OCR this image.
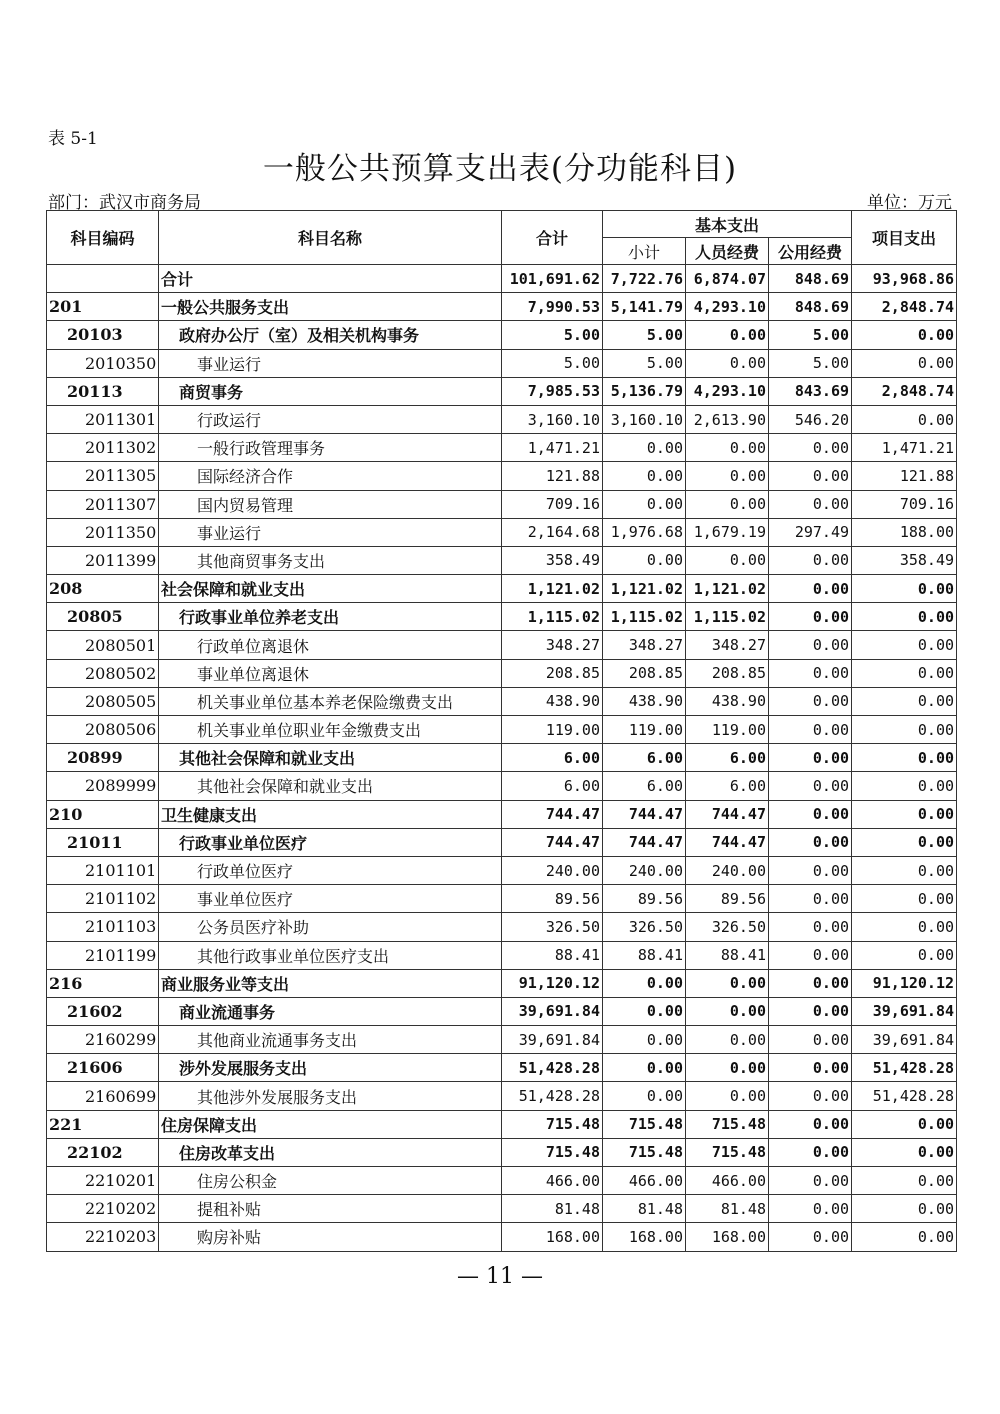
表 5-1
一般公共预算支出表(分功能科目)
部门：武汉市商务局	单位：万元
科目编码	科目名称	合计	基本支出			项目支出
			小计	人员经费	公用经费	
	合计	101,691.62	7,722.76	6,874.07	848.69	93,968.86
201	一般公共服务支出	7,990.53	5,141.79	4,293.10	848.69	2,848.74
20103	政府办公厅（室）及相关机构事务	5.00	5.00	0.00	5.00	0.00
2010350	事业运行	5.00	5.00	0.00	5.00	0.00
20113	商贸事务	7,985.53	5,136.79	4,293.10	843.69	2,848.74
2011301	行政运行	3,160.10	3,160.10	2,613.90	546.20	0.00
2011302	一般行政管理事务	1,471.21	0.00	0.00	0.00	1,471.21
2011305	国际经济合作	121.88	0.00	0.00	0.00	121.88
2011307	国内贸易管理	709.16	0.00	0.00	0.00	709.16
2011350	事业运行	2,164.68	1,976.68	1,679.19	297.49	188.00
2011399	其他商贸事务支出	358.49	0.00	0.00	0.00	358.49
208	社会保障和就业支出	1,121.02	1,121.02	1,121.02	0.00	0.00
20805	行政事业单位养老支出	1,115.02	1,115.02	1,115.02	0.00	0.00
2080501	行政单位离退休	348.27	348.27	348.27	0.00	0.00
2080502	事业单位离退休	208.85	208.85	208.85	0.00	0.00
2080505	机关事业单位基本养老保险缴费支出	438.90	438.90	438.90	0.00	0.00
2080506	机关事业单位职业年金缴费支出	119.00	119.00	119.00	0.00	0.00
20899	其他社会保障和就业支出	6.00	6.00	6.00	0.00	0.00
2089999	其他社会保障和就业支出	6.00	6.00	6.00	0.00	0.00
210	卫生健康支出	744.47	744.47	744.47	0.00	0.00
21011	行政事业单位医疗	744.47	744.47	744.47	0.00	0.00
2101101	行政单位医疗	240.00	240.00	240.00	0.00	0.00
2101102	事业单位医疗	89.56	89.56	89.56	0.00	0.00
2101103	公务员医疗补助	326.50	326.50	326.50	0.00	0.00
2101199	其他行政事业单位医疗支出	88.41	88.41	88.41	0.00	0.00
216	商业服务业等支出	91,120.12	0.00	0.00	0.00	91,120.12
21602	商业流通事务	39,691.84	0.00	0.00	0.00	39,691.84
2160299	其他商业流通事务支出	39,691.84	0.00	0.00	0.00	39,691.84
21606	涉外发展服务支出	51,428.28	0.00	0.00	0.00	51,428.28
2160699	其他涉外发展服务支出	51,428.28	0.00	0.00	0.00	51,428.28
221	住房保障支出	715.48	715.48	715.48	0.00	0.00
22102	住房改革支出	715.48	715.48	715.48	0.00	0.00
2210201	住房公积金	466.00	466.00	466.00	0.00	0.00
2210202	提租补贴	81.48	81.48	81.48	0.00	0.00
2210203	购房补贴	168.00	168.00	168.00	0.00	0.00
— 11 —
